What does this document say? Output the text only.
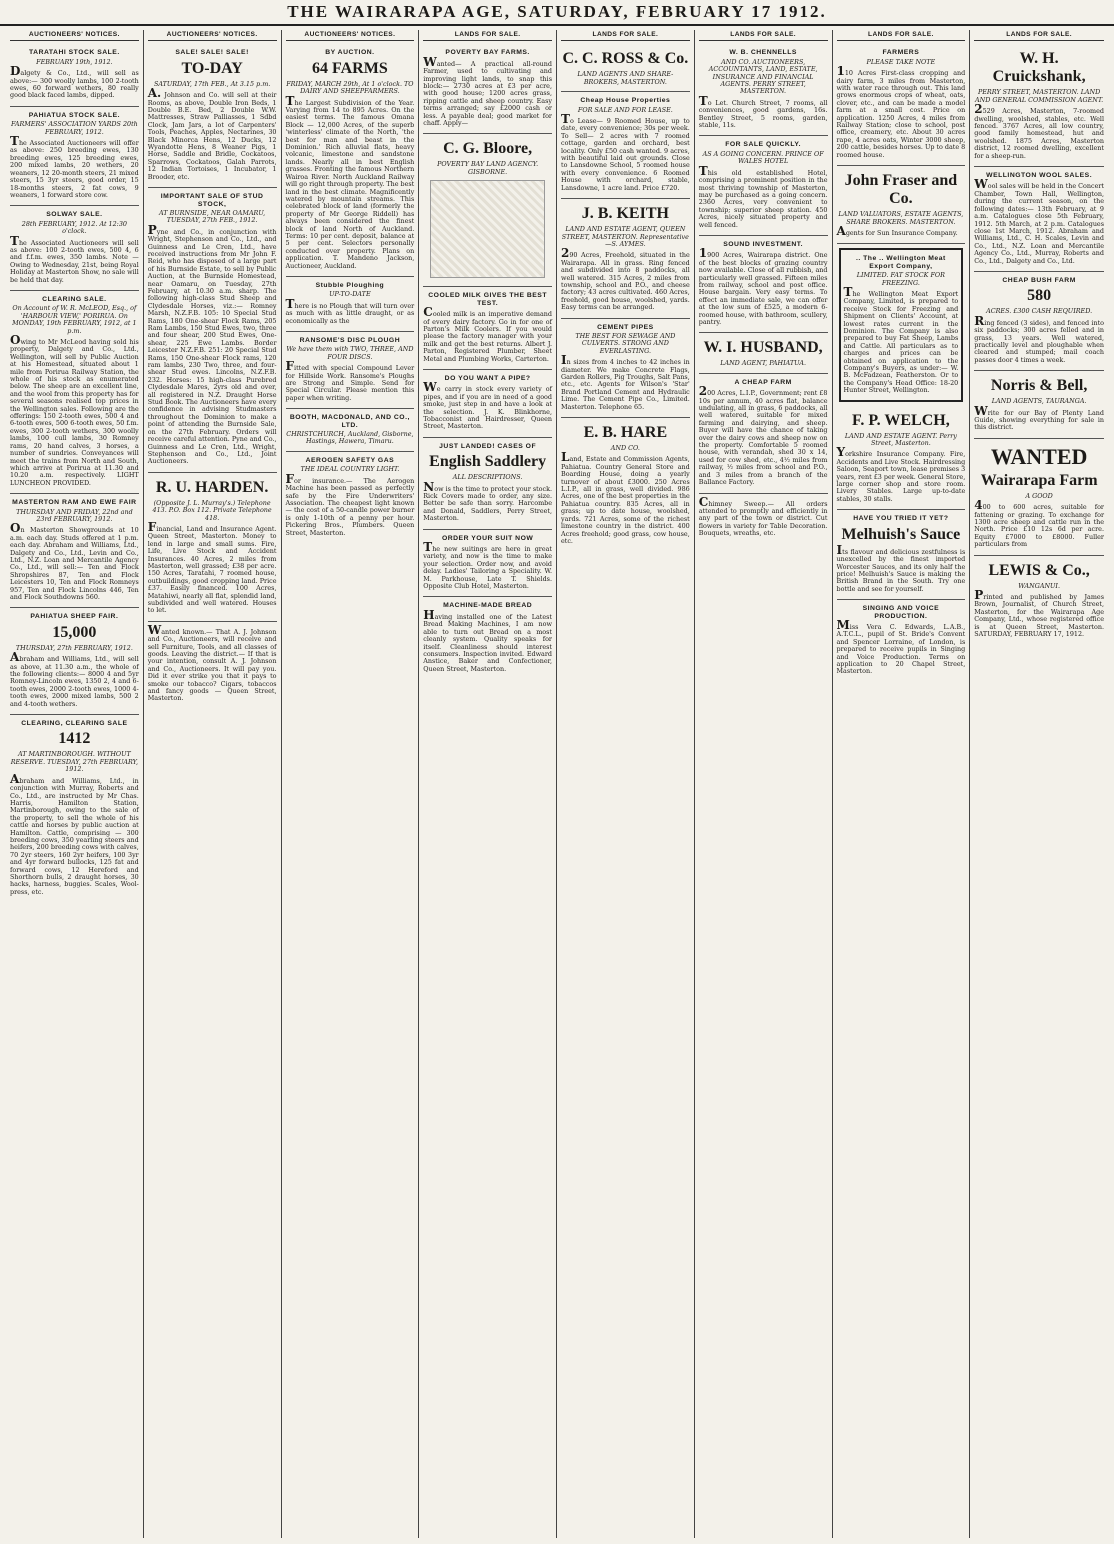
THE WAIRARAPA AGE, SATURDAY, FEBRUARY 17 1912.
AUCTIONEERS' NOTICES.
TARATAHI STOCK SALE.
FEBRUARY 19th, 1912.
Dalgety & Co., Ltd., will sell as above:— 300 woolly lambs, 100 2-tooth ewes, 60 forward wethers, 80 really good black faced lambs, dipped.
PAHIATUA STOCK SALE.
FARMERS' ASSOCIATION YARDS 20th FEBRUARY, 1912.
The Associated Auctioneers will offer as above: 250 breeding ewes, 130 breeding ewes, 125 breeding ewes, 200 mixed lambs, 20 wethers, 20 weaners, 12 20-month steers, 21 mixed steers, 15 3yr steers, good order, 15 18-months steers, 2 fat cows, 9 weaners, 1 forward store cow.
SOLWAY SALE.
28th FEBRUARY, 1912. At 12:30 o'clock.
The Associated Auctioneers will sell as above: 100 2-tooth ewes, 500 4, 6 and f.f.m. ewes, 350 lambs. Note — Owing to Wednesday, 21st, being Royal Holiday at Masterton Show, no sale will be held that day.
CLEARING SALE.
On Account of W. R. McLEOD, Esq., of 'HARBOUR VIEW,' PORIRUA. On MONDAY, 19th FEBRUARY, 1912, at 1 p.m.
Owing to Mr McLeod having sold his property, Dalgety and Co., Ltd., Wellington, will sell by Public Auction at his Homestead, situated about 1 mile from Porirua Railway Station, the whole of his stock as enumerated below. The sheep are an excellent line, and the wool from this property has for several seasons realised top prices in the Wellington sales. Following are the offerings: 150 2-tooth ewes, 500 4 and 6-tooth ewes, 500 6-tooth ewes, 50 f.m. ewes, 300 2-tooth wethers, 300 woolly lambs, 100 cull lambs, 30 Romney rams, 20 hand calves, 3 horses, a number of sundries. Conveyances will meet the trains from North and South, which arrive at Porirua at 11.30 and 10.20 a.m. respectively. LIGHT LUNCHEON PROVIDED.
MASTERTON RAM AND EWE FAIR
THURSDAY AND FRIDAY, 22nd and 23rd FEBRUARY, 1912.
On Masterton Showgrounds at 10 a.m. each day. Studs offered at 1 p.m. each day. Abraham and Williams, Ltd., Dalgety and Co., Ltd., Levin and Co., Ltd., N.Z. Loan and Mercantile Agency Co., Ltd., will sell:— Ten and Flock Shropshires 87, Ten and Flock Leicesters 10, Ten and Flock Romneys 957, Ten and Flock Lincolns 446, Ten and Flock Southdowns 560.
PAHIATUA SHEEP FAIR.
15,000
THURSDAY, 27th FEBRUARY, 1912.
Abraham and Williams, Ltd., will sell as above, at 11.30 a.m., the whole of the following clients:— 8000 4 and 5yr Romney-Lincoln ewes, 1350 2, 4 and 6-tooth ewes, 2000 2-tooth ewes, 1000 4-tooth ewes, 2000 mixed lambs, 500 2 and 4-tooth wethers.
CLEARING, CLEARING SALE
1412
AT MARTINBOROUGH. WITHOUT RESERVE. TUESDAY, 27th FEBRUARY, 1912.
Abraham and Williams, Ltd., in conjunction with Murray, Roberts and Co., Ltd., are instructed by Mr Chas. Harris, Hamilton Station, Martinborough, owing to the sale of the property, to sell the whole of his cattle and horses by public auction at Hamilton. Cattle, comprising — 300 breeding cows, 350 yearling steers and heifers, 200 breeding cows with calves, 70 2yr steers, 160 2yr heifers, 100 3yr and 4yr forward bullocks, 125 fat and forward cows, 12 Hereford and Shorthorn bulls, 2 draught horses, 30 hacks, harness, buggies. Scales, Wool-press, etc.
AUCTIONEERS' NOTICES.
SALE! SALE! SALE!
TO-DAY
SATURDAY, 17th FEB., At 3.15 p.m.
A. Johnson and Co. will sell at their Rooms, as above, Double Iron Beds, 1 Double B.E. Bed, 2 Double W.W. Mattresses, Straw Palliasses, 1 Sdbd Clock, Jam Jars, a lot of Carpenters' Tools, Peaches, Apples, Nectarines, 30 Black Minorca Hens, 12 Ducks, 12 Wyandotte Hens, 8 Weaner Pigs, 1 Horse, Saddle and Bridle, Cockatoos, Sparrows, Cockatoos, Galah Parrots, 12 Indian Tortoises, 1 Incubator, 1 Brooder, etc.
IMPORTANT SALE OF STUD STOCK,
AT BURNSIDE, NEAR OAMARU, TUESDAY, 27th FEB., 1912.
Pyne and Co., in conjunction with Wright, Stephenson and Co., Ltd., and Guinness and Le Cren, Ltd., have received instructions from Mr John F. Reid, who has disposed of a large part of his Burnside Estate, to sell by Public Auction, at the Burnside Homestead, near Oamaru, on Tuesday, 27th February, at 10.30 a.m. sharp. The following high-class Stud Sheep and Clydesdale Horses, viz.:— Romney Marsh, N.Z.F.B. 105: 10 Special Stud Rams, 180 One-shear Flock Rams, 205 Ram Lambs, 150 Stud Ewes, two, three and four shear, 200 Stud Ewes, One-shear, 225 Ewe Lambs. Border Leicester N.Z.F.B. 251: 20 Special Stud Rams, 150 One-shear Flock rams, 120 ram lambs, 230 Two, three, and four-shear Stud ewes. Lincolns, N.Z.F.B. 232. Horses: 15 high-class Purebred Clydesdale Mares, 2yrs old and over, all registered in N.Z. Draught Horse Stud Book. The Auctioneers have every confidence in advising Studmasters throughout the Dominion to make a point of attending the Burnside Sale, on the 27th February. Orders will receive careful attention. Pyne and Co., Guinness and Le Cren, Ltd., Wright, Stephenson and Co., Ltd., Joint Auctioneers.
R. U. HARDEN.
(Opposite J. L. Murray's.) Telephone 413. P.O. Box 112. Private Telephone 418.
Financial, Land and Insurance Agent. Queen Street, Masterton. Money to lend in large and small sums. Fire, Life, Live Stock and Accident Insurances. 40 Acres, 2 miles from Masterton, well grassed; £38 per acre. 150 Acres, Taratahi, 7 roomed house, outbuildings, good cropping land. Price £37. Easily financed. 100 Acres, Matahiwi, nearly all flat, splendid land, subdivided and well watered. Houses to let.
Wanted known.— That A. J. Johnson and Co., Auctioneers, will receive and sell Furniture, Tools, and all classes of goods. Leaving the district.— If that is your intention, consult A. J. Johnson and Co., Auctioneers. It will pay you. Did it ever strike you that it pays to smoke our tobacco? Cigars, tobaccos and fancy goods — Queen Street, Masterton.
AUCTIONEERS' NOTICES.
BY AUCTION.
64 FARMS
FRIDAY, MARCH 29th, At 1 o'clock. TO DAIRY AND SHEEPFARMERS.
The Largest Subdivision of the Year. Varying from 14 to 895 Acres. On the easiest terms. The famous Omana Block — 12,000 Acres, of the superb 'winterless' climate of the North, 'the best for man and beast in the Dominion.' Rich alluvial flats, heavy volcanic, limestone and sandstone lands. Nearly all in best English grasses. Fronting the famous Northern Wairoa River. North Auckland Railway will go right through property. The best land in the best climate. Magnificently watered by mountain streams. This celebrated block of land (formerly the property of Mr George Riddell) has always been considered the finest block of land North of Auckland. Terms: 10 per cent. deposit, balance at 5 per cent. Selectors personally conducted over property. Plans on application. T. Mandeno Jackson, Auctioneer, Auckland.
Stubble Ploughing
UP-TO-DATE
There is no Plough that will turn over as much with as little draught, or as economically as the
RANSOME'S DISC PLOUGH
We have them with TWO, THREE, AND FOUR DISCS.
Fitted with special Compound Lever for Hillside Work. Ransome's Ploughs are Strong and Simple. Send for Special Circular. Please mention this paper when writing.
BOOTH, MACDONALD, AND CO., LTD.
CHRISTCHURCH, Auckland, Gisborne, Hastings, Hawera, Timaru.
AEROGEN SAFETY GAS
THE IDEAL COUNTRY LIGHT.
For insurance.— The Aerogen Machine has been passed as perfectly safe by the Fire Underwriters' Association. The cheapest light known — the cost of a 50-candle power burner is only 1-10th of a penny per hour. Pickering Bros., Plumbers. Queen Street, Masterton.
LANDS FOR SALE.
POVERTY BAY FARMS.
Wanted— A practical all-round Farmer, used to cultivating and improving light lands, to snap this block:— 2730 acres at £3 per acre, with good house; 1200 acres grass, ripping cattle and sheep country. Easy terms arranged; say £2000 cash or less. A payable deal; good market for chaff. Apply—
C. G. Bloore,
POVERTY BAY LAND AGENCY. GISBORNE.
COOLED MILK GIVES THE BEST TEST.
Cooled milk is an imperative demand of every dairy factory. Go in for one of Parton's Milk Coolers. If you would please the factory manager with your milk and get the best returns. Albert J. Parton, Registered Plumber, Sheet Metal and Plumbing Works, Carterton.
DO YOU WANT A PIPE?
We carry in stock every variety of pipes, and if you are in need of a good smoke, just step in and have a look at the selection. J. K. Blinkhorne, Tobacconist and Hairdresser, Queen Street, Masterton.
JUST LANDED! CASES OF
English Saddlery
ALL DESCRIPTIONS.
Now is the time to protect your stock. Rick Covers made to order, any size. Better be safe than sorry. Harcombe and Donald, Saddlers, Perry Street, Masterton.
ORDER YOUR SUIT NOW
The new suitings are here in great variety, and now is the time to make your selection. Order now, and avoid delay. Ladies' Tailoring a Speciality. W. M. Parkhouse, Late T. Shields. Opposite Club Hotel, Masterton.
MACHINE-MADE BREAD
Having installed one of the Latest Bread Making Machines, I am now able to turn out Bread on a most cleanly system. Quality speaks for itself. Cleanliness should interest consumers. Inspection invited. Edward Anstice, Baker and Confectioner, Queen Street, Masterton.
LANDS FOR SALE.
C. C. ROSS & Co.
LAND AGENTS AND SHARE-BROKERS, MASTERTON.
Cheap House Properties
FOR SALE AND FOR LEASE.
To Lease— 9 Roomed House, up to date, every convenience; 30s per week. To Sell— 2 acres with 7 roomed cottage, garden and orchard, best locality. Only £50 cash wanted. 9 acres, with beautiful laid out grounds. Close to Lansdowne School, 5 roomed house with every convenience. 6 Roomed House with orchard, stable, Lansdowne, 1 acre land. Price £720.
J. B. KEITH
LAND AND ESTATE AGENT, QUEEN STREET, MASTERTON. Representative—S. AYMES.
290 Acres, Freehold, situated in the Wairarapa. All in grass. Ring fenced and subdivided into 8 paddocks, all well watered. 315 Acres, 2 miles from township, school and P.O., and cheese factory; 43 acres cultivated. 460 Acres, freehold, good house, woolshed, yards. Easy terms can be arranged.
CEMENT PIPES
THE BEST FOR SEWAGE AND CULVERTS. STRONG AND EVERLASTING.
In sizes from 4 inches to 42 inches in diameter. We make Concrete Flags, Garden Rollers, Pig Troughs, Salt Pans, etc., etc. Agents for Wilson's 'Star' Brand Portland Cement and Hydraulic Lime. The Cement Pipe Co., Limited. Masterton. Telephone 65.
E. B. HARE
AND CO.
Land, Estate and Commission Agents, Pahiatua. Country General Store and Boarding House, doing a yearly turnover of about £3000. 250 Acres L.I.P., all in grass, well divided. 986 Acres, one of the best properties in the Pahiatua country. 835 Acres, all in grass; up to date house, woolshed, yards. 721 Acres, some of the richest limestone country in the district. 400 Acres freehold; good grass, cow house, etc.
LANDS FOR SALE.
W. B. CHENNELLS
AND CO. AUCTIONEERS, ACCOUNTANTS, LAND, ESTATE, INSURANCE AND FINANCIAL AGENTS. PERRY STREET, MASTERTON.
To Let. Church Street, 7 rooms, all conveniences, good gardens, 16s. Bentley Street, 5 rooms, garden, stable, 11s.
FOR SALE QUICKLY.
AS A GOING CONCERN. PRINCE OF WALES HOTEL
This old established Hotel, comprising a prominent position in the most thriving township of Masterton, may be purchased as a going concern. 2360 Acres, very convenient to township; superior sheep station. 450 Acres, nicely situated property and well fenced.
SOUND INVESTMENT.
1900 Acres, Wairarapa district. One of the best blocks of grazing country now available. Close of all rubbish, and particularly well grassed. Fifteen miles from railway, school and post office. House bargain. Very easy terms. To effect an immediate sale, we can offer at the low sum of £525, a modern 6-roomed house, with bathroom, scullery, pantry.
W. I. HUSBAND,
LAND AGENT, PAHIATUA.
A CHEAP FARM
200 Acres, L.I.P., Government; rent £8 10s per annum, 40 acres flat, balance undulating, all in grass, 6 paddocks, all well watered, suitable for mixed farming and dairying, and sheep. Buyer will have the chance of taking over the dairy cows and sheep now on the property. Comfortable 5 roomed house, with verandah, shed 30 x 14, used for cow shed, etc., 4½ miles from railway, ½ miles from school and P.O., and 3 miles from a branch of the Ballance Factory.
Chimney Sweep.— All orders attended to promptly and efficiently in any part of the town or district. Cut flowers in variety for Table Decoration. Bouquets, wreaths, etc.
LANDS FOR SALE.
FARMERS
PLEASE TAKE NOTE
110 Acres First-class cropping and dairy farm, 3 miles from Masterton, with water race through out. This land grows enormous crops of wheat, oats, clover, etc., and can be made a model farm at a small cost. Price on application. 1250 Acres, 4 miles from Railway Station; close to school, post office, creamery, etc. About 30 acres rape, 4 acres oats, Winter 3000 sheep, 200 cattle, besides horses. Up to date 8 roomed house.
John Fraser and Co.
LAND VALUATORS, ESTATE AGENTS, SHARE BROKERS. MASTERTON.
Agents for Sun Insurance Company.
.. The .. Wellington Meat Export Company,
LIMITED. FAT STOCK FOR FREEZING.
The Wellington Meat Export Company, Limited, is prepared to receive Stock for Freezing and Shipment on Clients' Account, at lowest rates current in the Dominion. The Company is also prepared to buy Fat Sheep, Lambs and Cattle. All particulars as to charges and prices can be obtained on application to the Company's Buyers, as under:— W. B. McFadzean, Featherston. Or to the Company's Head Office: 18-20 Hunter Street, Wellington.
F. P. WELCH,
LAND AND ESTATE AGENT. Perry Street, Masterton.
Yorkshire Insurance Company. Fire, Accidents and Live Stock. Hairdressing Saloon, Seaport town, lease premises 3 years, rent £3 per week. General Store, large corner shop and store room. Livery Stables. Large up-to-date stables, 30 stalls.
HAVE YOU TRIED IT YET?
Melhuish's Sauce
Its flavour and delicious zestfulness is unexcelled by the finest imported Worcester Sauces, and its only half the price! Melhuish's Sauce is making the British Brand in the South. Try one bottle and see for yourself.
SINGING AND VOICE PRODUCTION.
Miss Vera C. Edwards, L.A.B., A.T.C.L., pupil of St. Bride's Convent and Spencer Lorraine, of London, is prepared to receive pupils in Singing and Voice Production. Terms on application to 20 Chapel Street, Masterton.
LANDS FOR SALE.
W. H. Cruickshank,
PERRY STREET, MASTERTON. LAND AND GENERAL COMMISSION AGENT.
2529 Acres, Masterton, 7-roomed dwelling, woolshed, stables, etc. Well fenced. 3767 Acres, all low country, good family homestead, hut and woolshed. 1875 Acres, Masterton district, 12 roomed dwelling, excellent for a sheep-run.
WELLINGTON WOOL SALES.
Wool sales will be held in the Concert Chamber, Town Hall, Wellington, during the current season, on the following dates:— 13th February, at 9 a.m. Catalogues close 5th February, 1912. 5th March, at 2 p.m. Catalogues close 1st March, 1912. Abraham and Williams, Ltd., C. H. Scales, Levin and Co., Ltd., N.Z. Loan and Mercantile Agency Co., Ltd., Murray, Roberts and Co., Ltd., Dalgety and Co., Ltd.
CHEAP BUSH FARM
580
ACRES. £300 CASH REQUIRED.
Ring fenced (3 sides), and fenced into six paddocks; 300 acres felled and in grass, 13 years. Well watered, practically level and ploughable when cleared and stumped; mail coach passes door 4 times a week.
Norris & Bell,
LAND AGENTS, TAURANGA.
Write for our Bay of Plenty Land Guide, showing everything for sale in this district.
WANTED
Wairarapa Farm
A GOOD
400 to 600 acres, suitable for fattening or grazing. To exchange for 1300 acre sheep and cattle run in the North. Price £10 12s 6d per acre. Equity £7000 to £8000. Fuller particulars from
LEWIS & Co.,
WANGANUI.
Printed and published by James Brown, Journalist, of Church Street, Masterton, for the Wairarapa Age Company, Ltd., whose registered office is at Queen Street, Masterton. SATURDAY, FEBRUARY 17, 1912.
